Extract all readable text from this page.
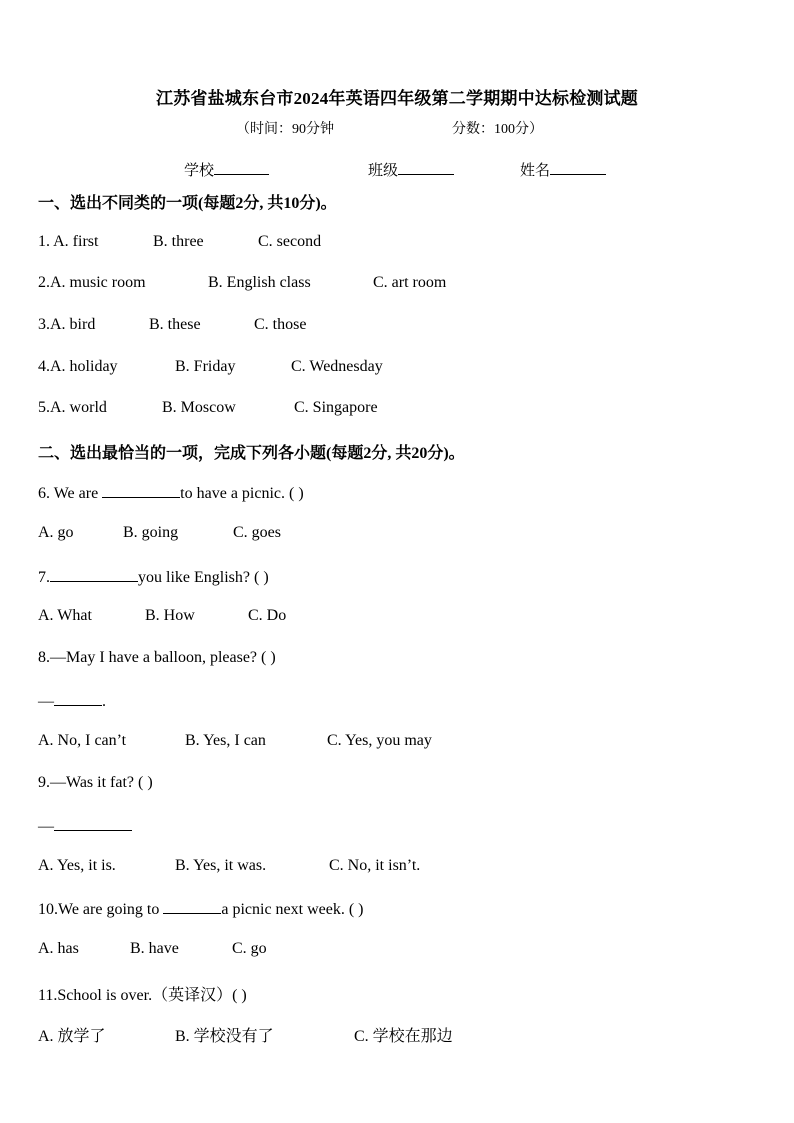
江苏省盐城东台市2024年英语四年级第二学期期中达标检测试题
（时间：90分钟	分数：100分）
学校	班级	姓名
一、选出不同类的一项(每题2分, 共10分)。
1. A. first	B. three	C. second
2.A. music room	B. English class	C. art room
3.A. bird	B. these	C. those
4.A. holiday	B. Friday	C. Wednesday
5.A. world	B. Moscow	C. Singapore
二、选出最恰当的一项，完成下列各小题(每题2分, 共20分)。
6. We are	to have a picnic. ( )
A. go	B. going	C. goes
7.	you like English? ( )
A. What	B. How	C. Do
8.—May I have a balloon, please? ( )
—	.
A. No, I can’t	B. Yes, I can	C. Yes, you may
9.—Was it fat? ( )
—
A. Yes, it is.	B. Yes, it was.	C. No, it isn’t.
10.We are going to	a picnic next week. ( )
A. has	B. have	C. go
11.School is over.（英译汉）( )
A. 放学了	B. 学校没有了	C. 学校在那边
